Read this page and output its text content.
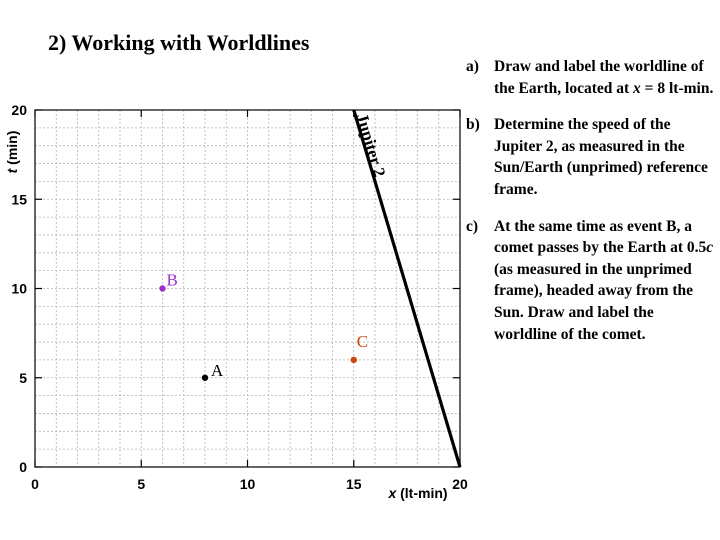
2) Working with Worldlines
0	5	10	15	20
0
5
10
15
20
Jupiter 2
A
B
C
x (lt-min)
t (min)
a) Draw and label the worldline of the Earth, located at x = 8 lt-min.
b) Determine the speed of the Jupiter 2, as measured in the Sun/Earth (unprimed) reference frame.
c)	At the same time as event B, a comet passes by the Earth at 0.5c (as measured in the unprimed frame), headed away from the Sun. Draw and label the worldline of the comet.
